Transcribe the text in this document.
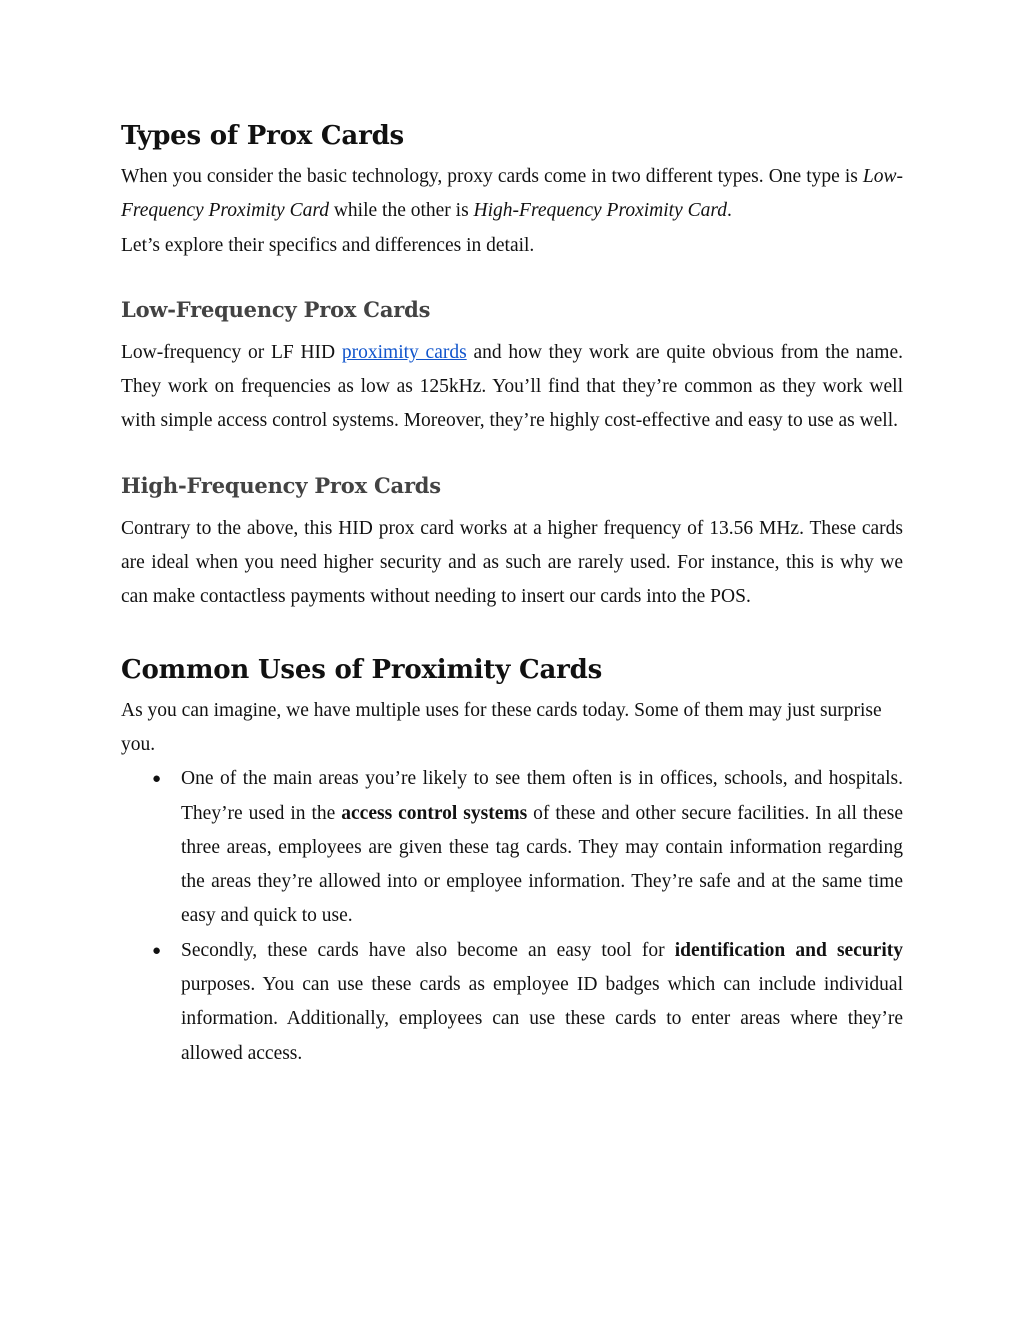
Types of Prox Cards

When you consider the basic technology, proxy cards come in two different types. One type is Low-Frequency Proximity Card while the other is High-Frequency Proximity Card.

Let’s explore their specifics and differences in detail.

Low-Frequency Prox Cards

Low-frequency or LF HID proximity cards and how they work are quite obvious from the name. They work on frequencies as low as 125kHz. You’ll find that they’re common as they work well with simple access control systems. Moreover, they’re highly cost-effective and easy to use as well.

High-Frequency Prox Cards

Contrary to the above, this HID prox card works at a higher frequency of 13.56 MHz. These cards are ideal when you need higher security and as such are rarely used. For instance, this is why we can make contactless payments without needing to insert our cards into the POS.

Common Uses of Proximity Cards

As you can imagine, we have multiple uses for these cards today. Some of them may just surprise you.

● One of the main areas you’re likely to see them often is in offices, schools, and hospitals. They’re used in the access control systems of these and other secure facilities. In all these three areas, employees are given these tag cards. They may contain information regarding the areas they’re allowed into or employee information. They’re safe and at the same time easy and quick to use.
● Secondly, these cards have also become an easy tool for identification and security purposes. You can use these cards as employee ID badges which can include individual information. Additionally, employees can use these cards to enter areas where they’re allowed access.
